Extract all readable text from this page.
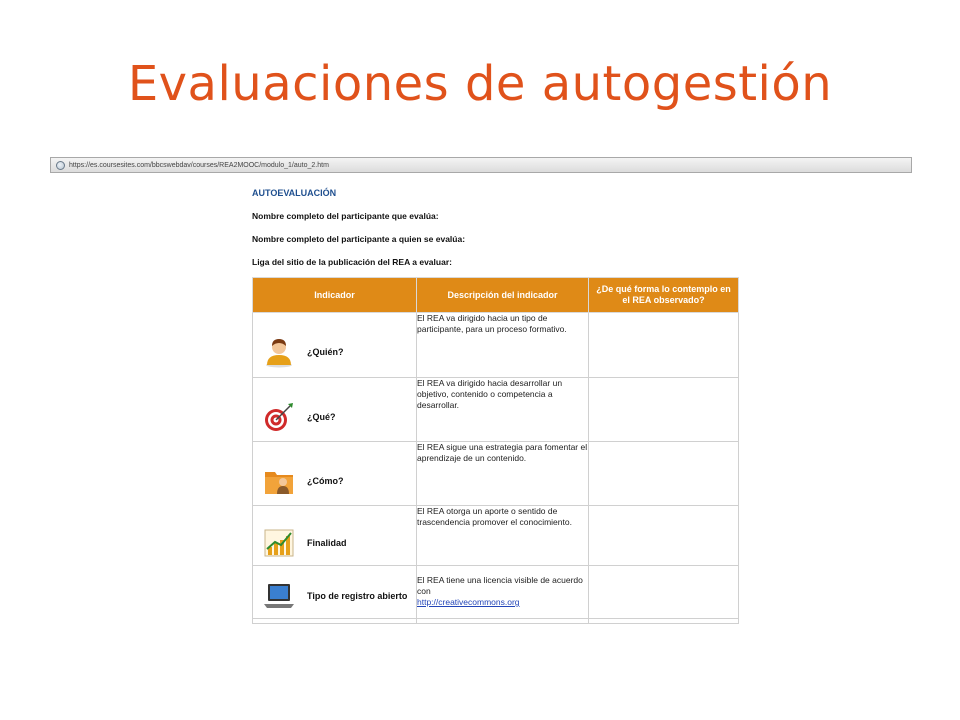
Evaluaciones de autogestión
https://es.coursesites.com/bbcswebdav/courses/REA2MOOC/modulo_1/auto_2.htm
AUTOEVALUACIÓN
Nombre completo del participante que evalúa:
Nombre completo del participante a quien se evalúa:
Liga del sitio de la publicación del REA a evaluar:
Indicador	Descripción del indicador	¿De qué forma lo contemplo en el REA observado?

¿Quién?	El REA va dirigido hacia un tipo de participante, para un proceso formativo.	

¿Qué?	El REA va dirigido hacia desarrollar un objetivo, contenido o competencia a desarrollar.	

¿Cómo?	El REA sigue una estrategia para fomentar el aprendizaje de un contenido.	

Finalidad	El REA otorga un aporte o sentido de trascendencia promover el conocimiento.	

Tipo de registro abierto	El REA tiene una licencia visible de acuerdo con
http://creativecommons.org	
